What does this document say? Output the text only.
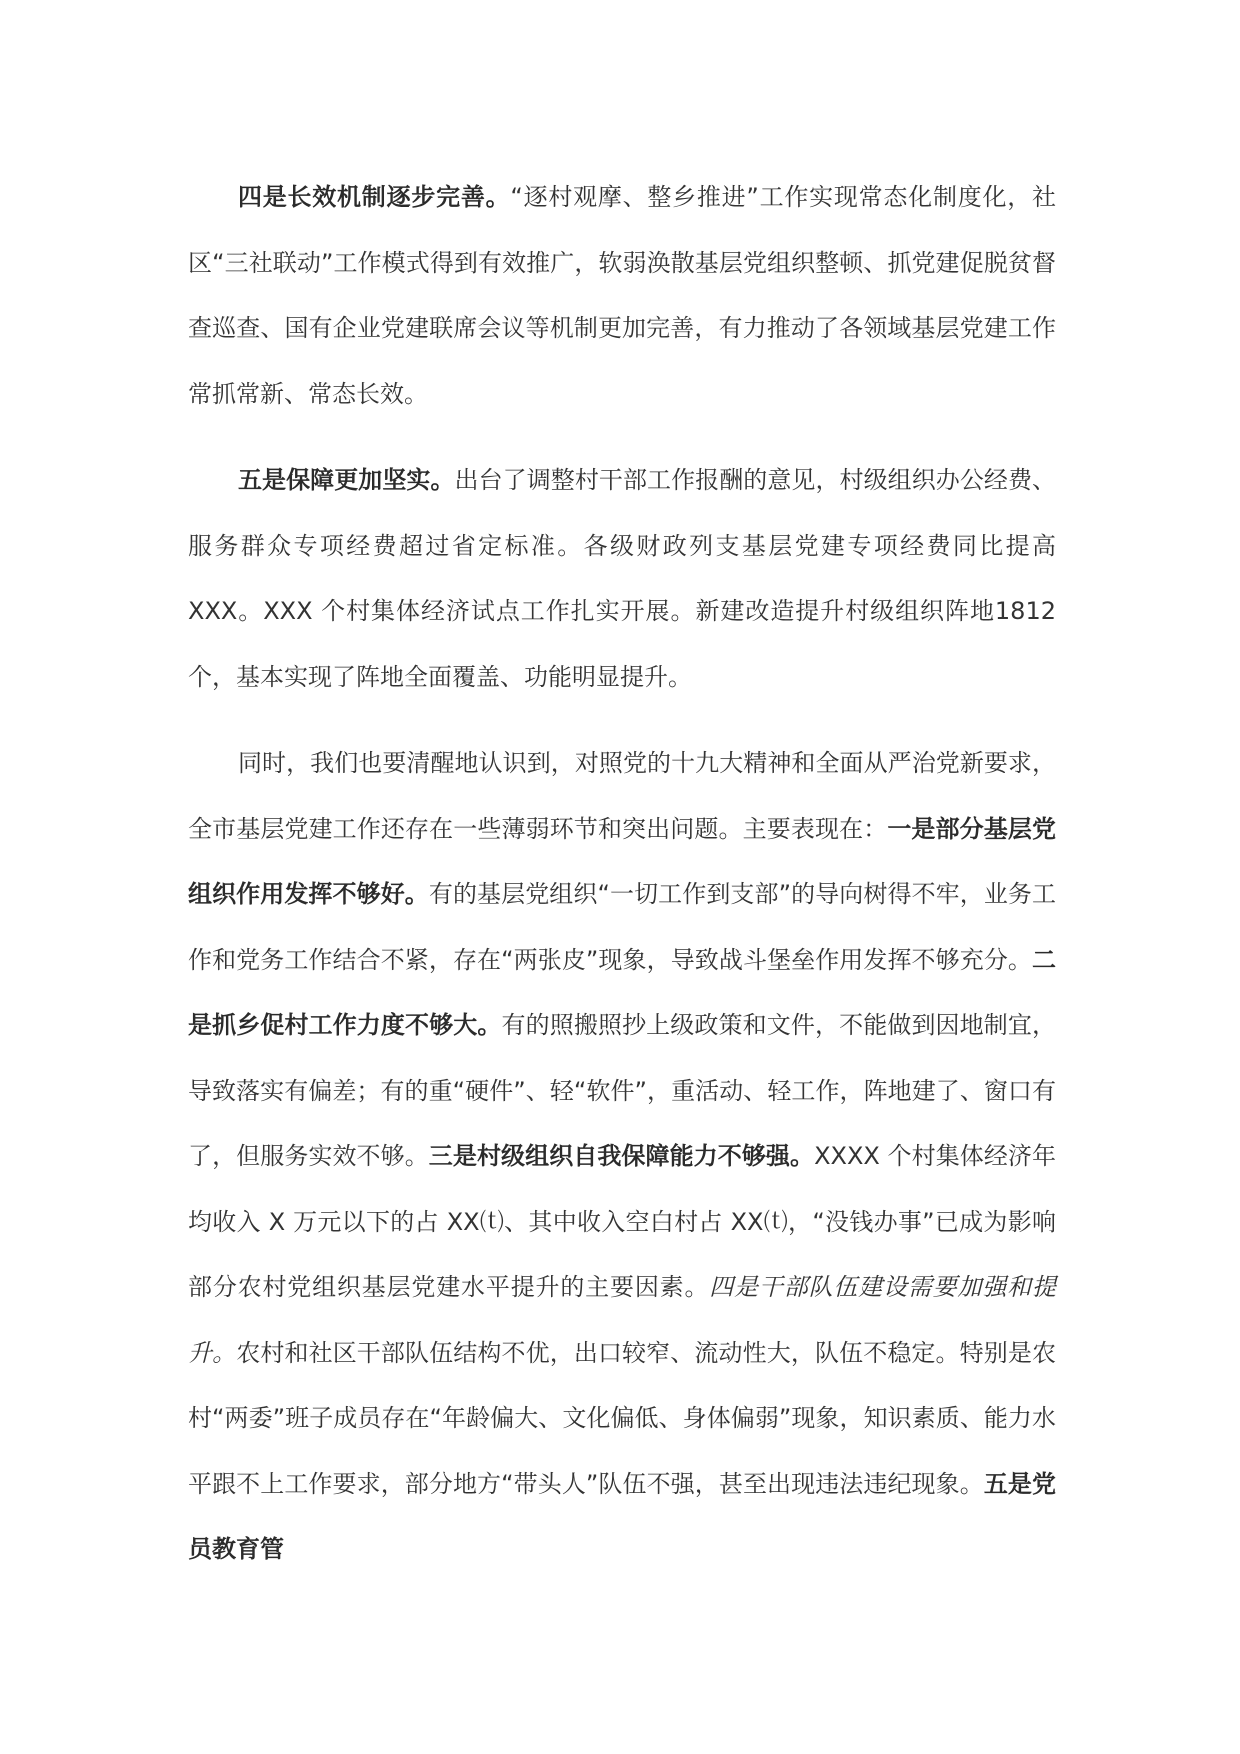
四是长效机制逐步完善。“逐村观摩、整乡推进”工作实现常态化制度化，社区“三社联动”工作模式得到有效推广，软弱涣散基层党组织整顿、抓党建促脱贫督查巡查、国有企业党建联席会议等机制更加完善，有力推动了各领域基层党建工作常抓常新、常态长效。

五是保障更加坚实。出台了调整村干部工作报酬的意见，村级组织办公经费、服务群众专项经费超过省定标准。各级财政列支基层党建专项经费同比提高 XXX。XXX 个村集体经济试点工作扎实开展。新建改造提升村级组织阵地1812 个，基本实现了阵地全面覆盖、功能明显提升。

同时，我们也要清醒地认识到，对照党的十九大精神和全面从严治党新要求，全市基层党建工作还存在一些薄弱环节和突出问题。主要表现在：一是部分基层党组织作用发挥不够好。有的基层党组织“一切工作到支部”的导向树得不牢，业务工作和党务工作结合不紧，存在“两张皮”现象，导致战斗堡垒作用发挥不够充分。二是抓乡促村工作力度不够大。有的照搬照抄上级政策和文件，不能做到因地制宜，导致落实有偏差；有的重“硬件”、轻“软件”，重活动、轻工作，阵地建了、窗口有了，但服务实效不够。三是村级组织自我保障能力不够强。XXXX 个村集体经济年均收入 X 万元以下的占 XX⒯、其中收入空白村占 XX⒯，“没钱办事”已成为影响部分农村党组织基层党建水平提升的主要因素。四是干部队伍建设需要加强和提升。农村和社区干部队伍结构不优，出口较窄、流动性大，队伍不稳定。特别是农村“两委”班子成员存在“年龄偏大、文化偏低、身体偏弱”现象，知识素质、能力水平跟不上工作要求，部分地方“带头人”队伍不强，甚至出现违法违纪现象。五是党员教育管
